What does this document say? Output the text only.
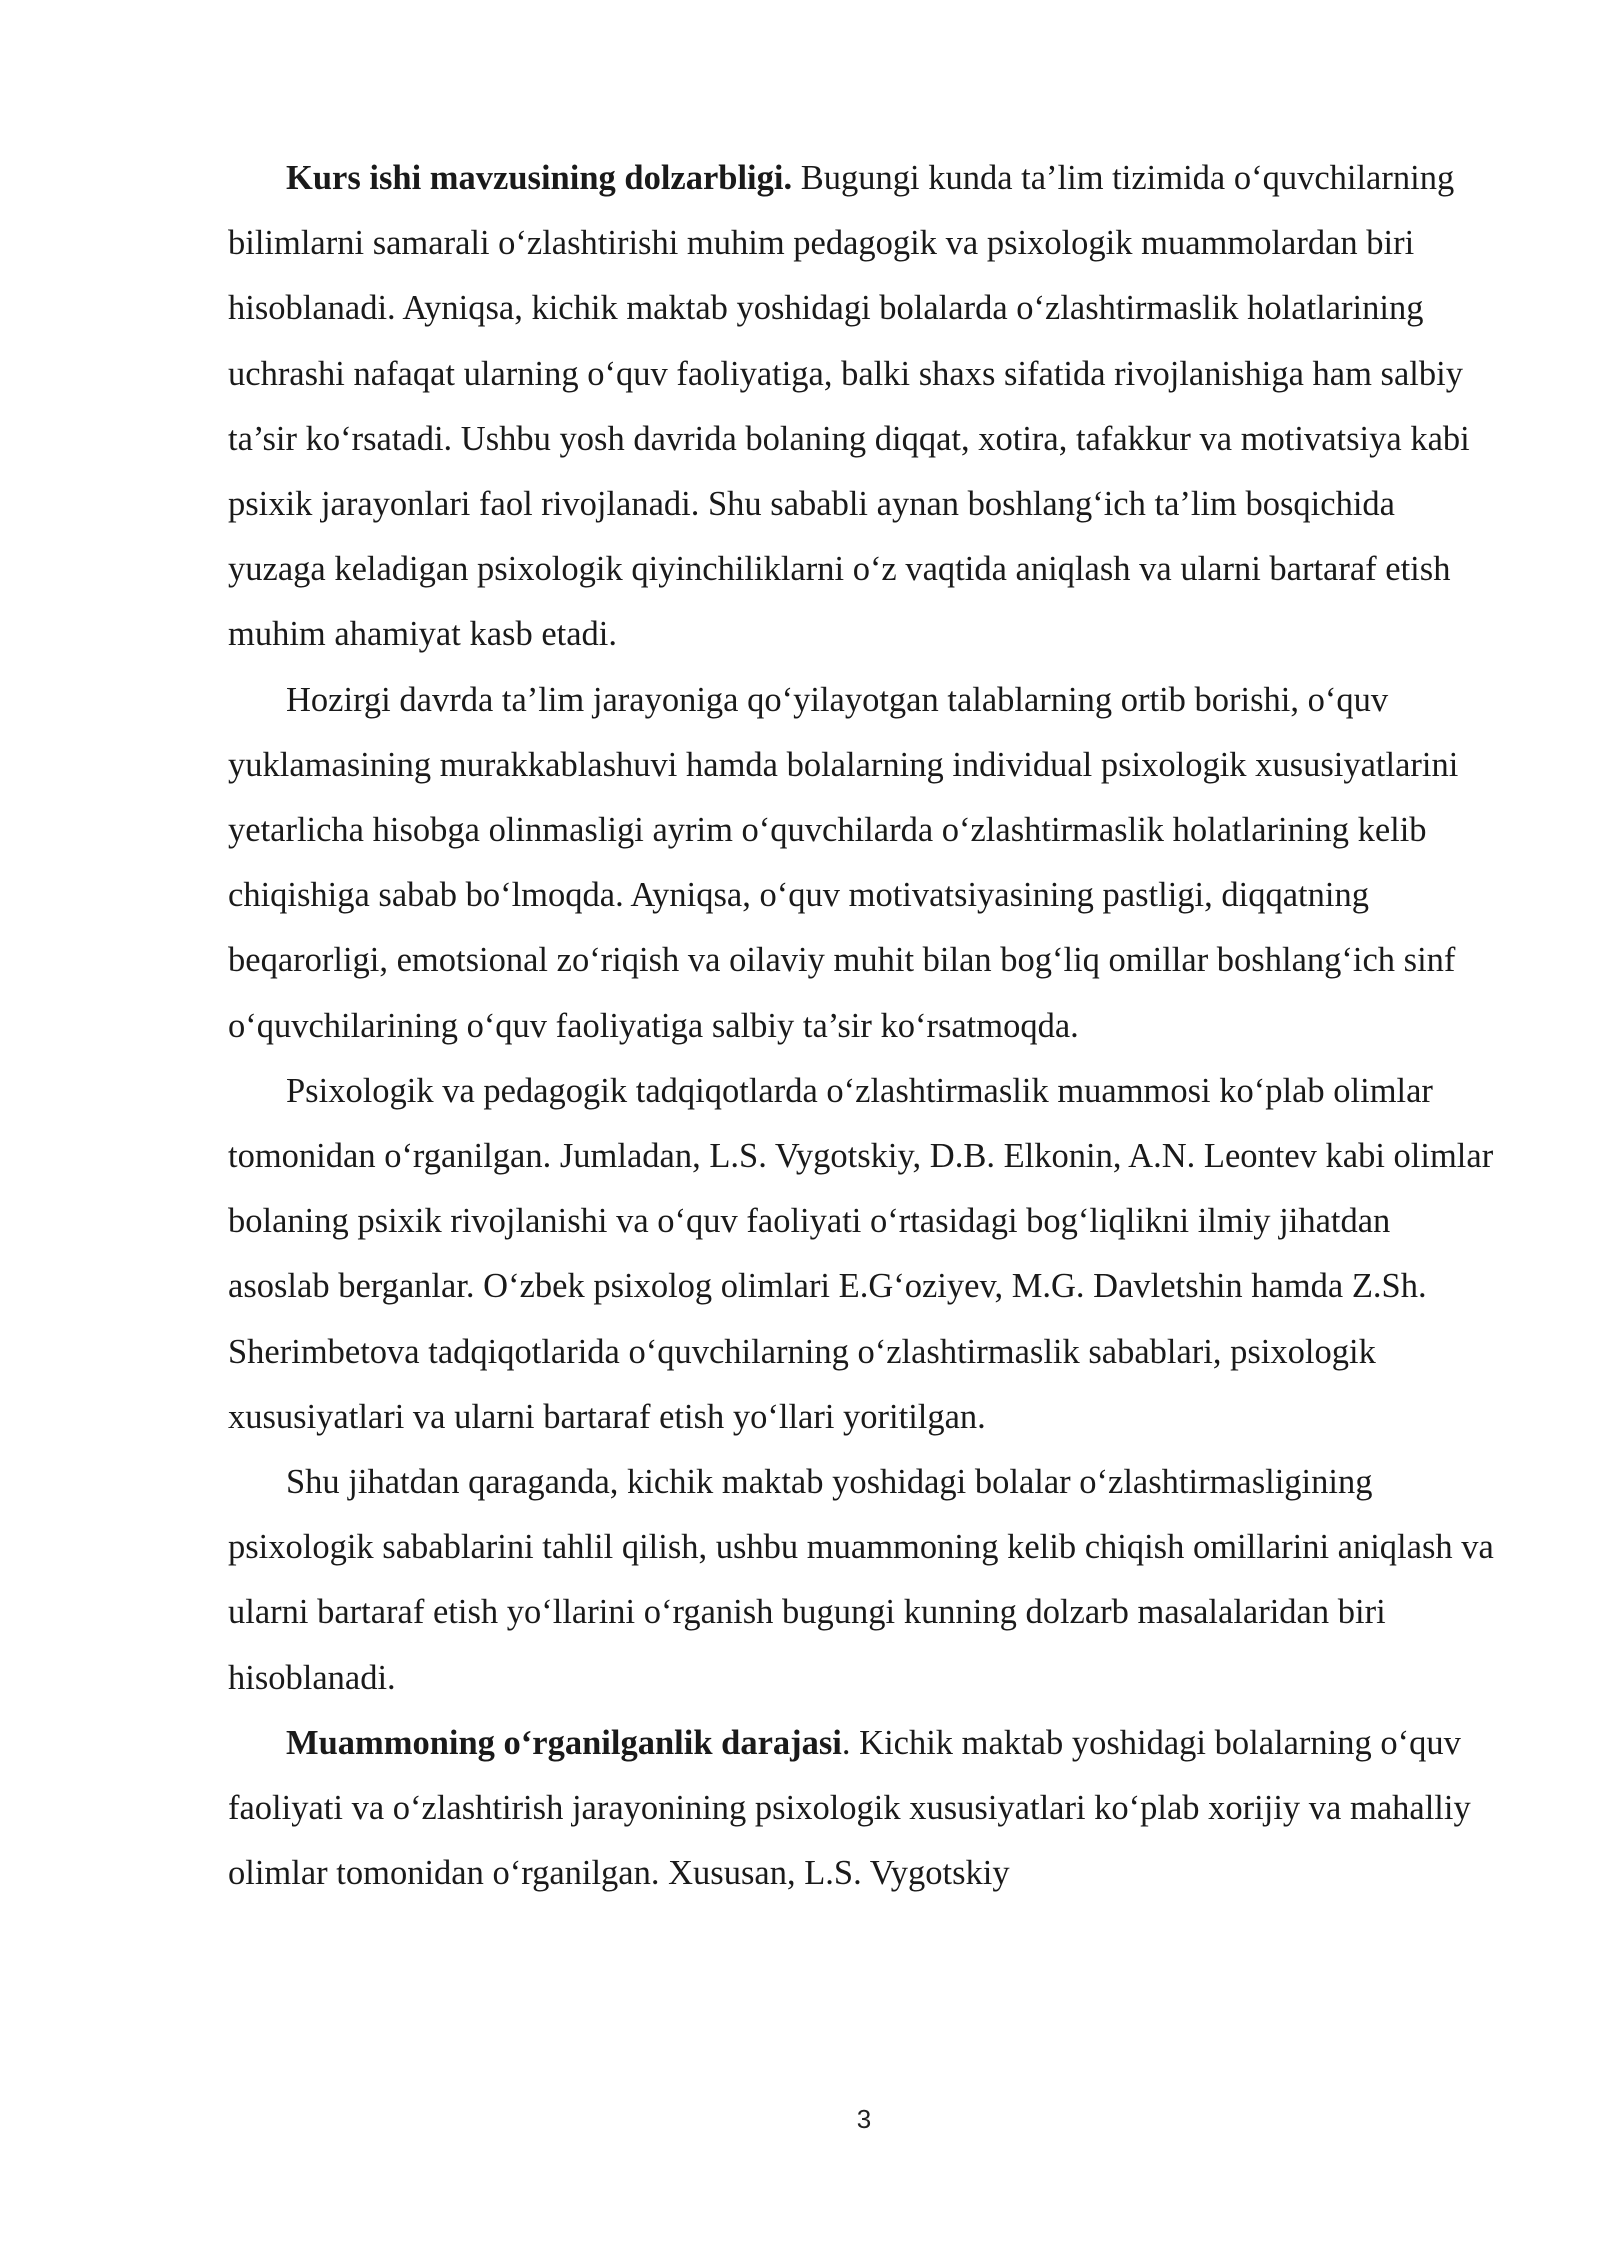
Kurs ishi mavzusining dolzarbligi. Bugungi kunda ta’lim tizimida o‘quvchilarning bilimlarni samarali o‘zlashtirishi muhim pedagogik va psixologik muammolardan biri hisoblanadi. Ayniqsa, kichik maktab yoshidagi bolalarda o‘zlashtirmaslik holatlarining uchrashi nafaqat ularning o‘quv faoliyatiga, balki shaxs sifatida rivojlanishiga ham salbiy ta’sir ko‘rsatadi. Ushbu yosh davrida bolaning diqqat, xotira, tafakkur va motivatsiya kabi psixik jarayonlari faol rivojlanadi. Shu sababli aynan boshlang‘ich ta’lim bosqichida yuzaga keladigan psixologik qiyinchiliklarni o‘z vaqtida aniqlash va ularni bartaraf etish muhim ahamiyat kasb etadi.

Hozirgi davrda ta’lim jarayoniga qo‘yilayotgan talablarning ortib borishi, o‘quv yuklamasining murakkablashuvi hamda bolalarning individual psixologik xususiyatlarini yetarlicha hisobga olinmasligi ayrim o‘quvchilarda o‘zlashtirmaslik holatlarining kelib chiqishiga sabab bo‘lmoqda. Ayniqsa, o‘quv motivatsiyasining pastligi, diqqatning beqarorligi, emotsional zo‘riqish va oilaviy muhit bilan bog‘liq omillar boshlang‘ich sinf o‘quvchilarining o‘quv faoliyatiga salbiy ta’sir ko‘rsatmoqda.

Psixologik va pedagogik tadqiqotlarda o‘zlashtirmaslik muammosi ko‘plab olimlar tomonidan o‘rganilgan. Jumladan, L.S. Vygotskiy, D.B. Elkonin, A.N. Leontev kabi olimlar bolaning psixik rivojlanishi va o‘quv faoliyati o‘rtasidagi bog‘liqlikni ilmiy jihatdan asoslab berganlar. O‘zbek psixolog olimlari E.G‘oziyev, M.G. Davletshin hamda Z.Sh. Sherimbetova tadqiqotlarida o‘quvchilarning o‘zlashtirmaslik sabablari, psixologik xususiyatlari va ularni bartaraf etish yo‘llari yoritilgan.

Shu jihatdan qaraganda, kichik maktab yoshidagi bolalar o‘zlashtirmasligining psixologik sabablarini tahlil qilish, ushbu muammoning kelib chiqish omillarini aniqlash va ularni bartaraf etish yo‘llarini o‘rganish bugungi kunning dolzarb masalalaridan biri hisoblanadi.

Muammoning o‘rganilganlik darajasi. Kichik maktab yoshidagi bolalarning o‘quv faoliyati va o‘zlashtirish jarayonining psixologik xususiyatlari ko‘plab xorijiy va mahalliy olimlar tomonidan o‘rganilgan. Xususan, L.S. Vygotskiy

3
